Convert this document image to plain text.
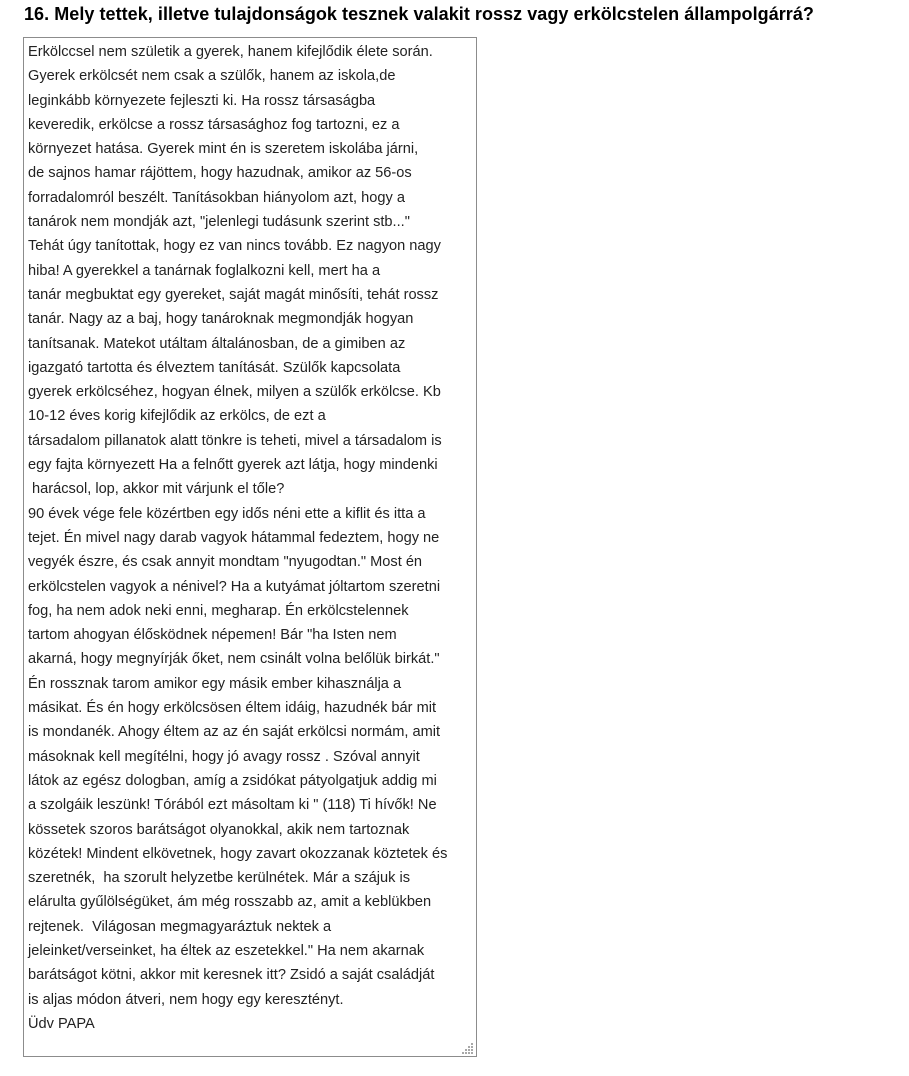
16. Mely tettek, illetve tulajdonságok tesznek valakit rossz vagy erkölcstelen állampolgárrá?
Erkölccsel nem születik a gyerek, hanem kifejlődik élete során.
Gyerek erkölcsét nem csak a szülők, hanem az iskola,de
leginkább környezete fejleszti ki. Ha rossz társaságba
keveredik, erkölcse a rossz társasághoz fog tartozni, ez a
környezet hatása. Gyerek mint én is szeretem iskolába járni,
de sajnos hamar rájöttem, hogy hazudnak, amikor az 56-os
forradalomról beszélt. Tanításokban hiányolom azt, hogy a
tanárok nem mondják azt, "jelenlegi tudásunk szerint stb..."
Tehát úgy tanítottak, hogy ez van nincs tovább. Ez nagyon nagy
hiba! A gyerekkel a tanárnak foglalkozni kell, mert ha a
tanár megbuktat egy gyereket, saját magát minősíti, tehát rossz
tanár. Nagy az a baj, hogy tanároknak megmondják hogyan
tanítsanak. Matekot utáltam általánosban, de a gimiben az
igazgató tartotta és élveztem tanítását. Szülők kapcsolata
gyerek erkölcséhez, hogyan élnek, milyen a szülők erkölcse. Kb
10-12 éves korig kifejlődik az erkölcs, de ezt a
társadalom pillanatok alatt tönkre is teheti, mivel a társadalom is
egy fajta környezett Ha a felnőtt gyerek azt látja, hogy mindenki
harácsol, lop, akkor mit várjunk el tőle?
90 évek vége fele közértben egy idős néni ette a kiflit és itta a
tejet. Én mivel nagy darab vagyok hátammal fedeztem, hogy ne
vegyék észre, és csak annyit mondtam "nyugodtan." Most én
erkölcstelen vagyok a nénivel? Ha a kutyámat jóltartom szeretni
fog, ha nem adok neki enni, megharap. Én erkölcstelennek
tartom ahogyan élősködnek népemen! Bár "ha Isten nem
akarná, hogy megnyírják őket, nem csinált volna belőlük birkát."
Én rossznak tarom amikor egy másik ember kihasználja a
másikat. És én hogy erkölcsösen éltem idáig, hazudnék bár mit
is mondanék. Ahogy éltem az az én saját erkölcsi normám, amit
másoknak kell megítélni, hogy jó avagy rossz . Szóval annyit
látok az egész dologban, amíg a zsidókat pátyolgatjuk addig mi
a szolgáik leszünk! Tórából ezt másoltam ki " (118) Ti hívők! Ne
kössetek szoros barátságot olyanokkal, akik nem tartoznak
közétek! Mindent elkövetnek, hogy zavart okozzanak köztetek és
szeretnék,  ha szorult helyzetbe kerülnétek. Már a szájuk is
elárulta gyűlölségüket, ám még rosszabb az, amit a keblükben
rejtenek.  Világosan megmagyaráztuk nektek a
jeleinket/verseinket, ha éltek az eszetekkel." Ha nem akarnak
barátságot kötni, akkor mit keresnek itt? Zsidó a saját családját
is aljas módon átveri, nem hogy egy keresztényt.
Üdv PAPA
